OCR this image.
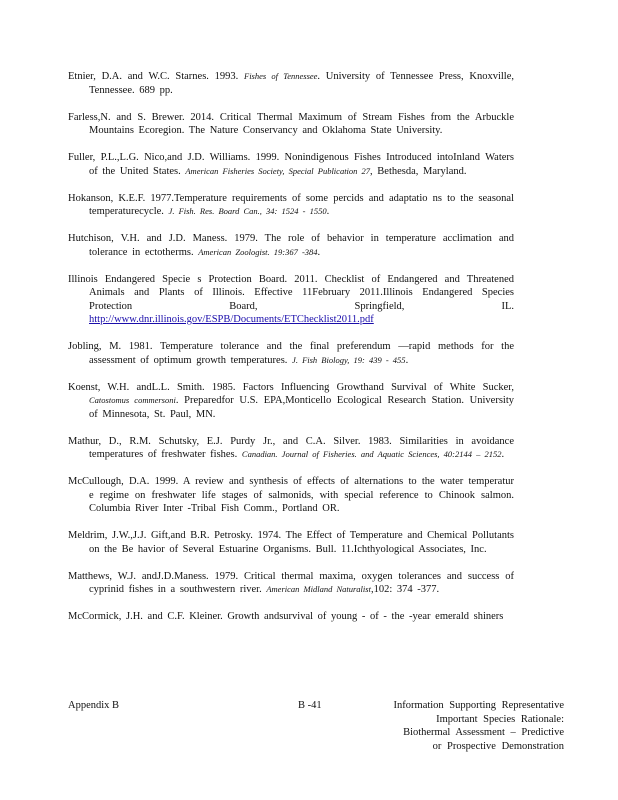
Etnier, D.A. and W.C. Starnes. 1993. Fishes of Tennessee. University of Tennessee Press, Knoxville, Tennessee. 689 pp.

Farless,N. and S. Brewer. 2014. Critical Thermal Maximum of Stream Fishes from the Arbuckle Mountains Ecoregion. The Nature Conservancy and Oklahoma State University.

Fuller, P.L.,L.G. Nico,and J.D. Williams. 1999. Nonindigenous Fishes Introduced intoInland Waters of the United States. American Fisheries Society, Special Publication 27, Bethesda, Maryland.

Hokanson, K.E.F. 1977.Temperature requirements of some percids and adaptatio ns to the seasonal temperaturecycle. J. Fish. Res. Board Can., 34: 1524 - 1550.

Hutchison, V.H. and J.D. Maness. 1979. The role of behavior in temperature acclimation and tolerance in ectotherms. American Zoologist. 19:367 -384.

Illinois Endangered Specie s Protection Board. 2011. Checklist of Endangered and Threatened Animals and Plants of Illinois. Effective 11February 2011.Illinois Endangered Species Protection Board, Springfield, IL. http://www.dnr.illinois.gov/ESPB/Documents/ETChecklist2011.pdf

Jobling, M. 1981. Temperature tolerance and the final preferendum —rapid methods for the assessment of optimum growth temperatures. J. Fish Biology, 19: 439 - 455.

Koenst, W.H. andL.L. Smith. 1985. Factors Influencing Growthand Survival of White Sucker, Catostomus commersoni. Preparedfor U.S. EPA,Monticello Ecological Research Station. University of Minnesota, St. Paul, MN.

Mathur, D., R.M. Schutsky, E.J. Purdy Jr., and C.A. Silver. 1983. Similarities in avoidance temperatures of freshwater fishes. Canadian. Journal of Fisheries. and Aquatic Sciences, 40:2144 – 2152.

McCullough, D.A. 1999. A review and synthesis of effects of alternations to the water temperatur e regime on freshwater life stages of salmonids, with special reference to Chinook salmon. Columbia River Inter -Tribal Fish Comm., Portland OR.

Meldrim, J.W.,J.J. Gift,and B.R. Petrosky. 1974. The Effect of Temperature and Chemical Pollutants on the Be havior of Several Estuarine Organisms. Bull. 11.Ichthyological Associates, Inc.

Matthews, W.J. andJ.D.Maness. 1979. Critical thermal maxima, oxygen tolerances and success of cyprinid fishes in a southwestern river. American Midland Naturalist,102: 374 -377.

McCormick, J.H. and C.F. Kleiner. Growth andsurvival of young - of - the -year emerald shiners

Appendix B	B -41	Information Supporting Representative
Important Species Rationale:
Biothermal Assessment – Predictive
or Prospective Demonstration
